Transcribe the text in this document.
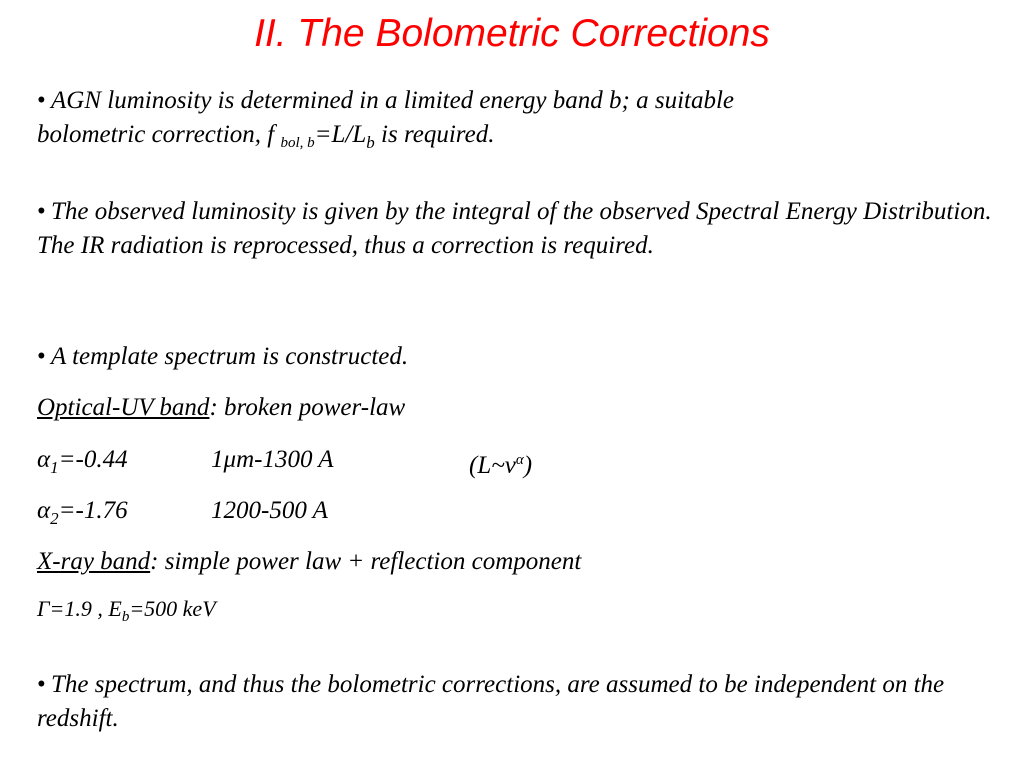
II. The Bolometric Corrections
• AGN luminosity is determined in a limited energy band b; a suitable
bolometric correction, f $_{bol, b}=L/L_b$ is required.
• The observed luminosity is given by the integral of the observed Spectral Energy Distribution. The IR radiation is reprocessed, thus a correction is required.
• A template spectrum is constructed.
Optical-UV band: broken power-law
$\alpha_1=-0.44$	1μm-1300 A	$(L\sim\nu^\alpha)$
$\alpha_2=-1.76$	1200-500 A
X-ray band: simple power law + reflection component
Γ=1.9 , $E_b=500$ keV
• The spectrum, and thus the bolometric corrections, are assumed to be independent on the redshift.
